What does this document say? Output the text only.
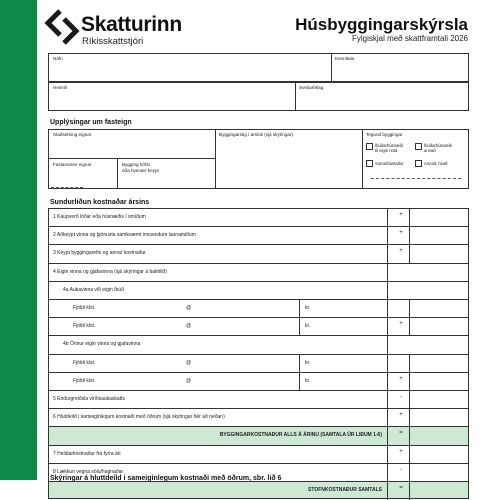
Skatturinn
Ríkisskattstjóri
Húsbyggingarskýrsla
Fylgiskjal með skattframtali 2026
Nafn	Kennitala
Heimili	Sveitarfélag
Upplýsingar um fasteign
Staðsetning eignar	Byggingarstig í árslok (sjá skýringar)
Fastanúmer eignar	Bygging hófst
eða hvenær keypt
Tegund byggingar
Íbúðarhúsnæði
til eigin nota
Íbúðarhúsnæði
annað
Sumarbústaður	Annað, hvað
Sundurliðun kostnaðar ársins
1 Kaupverð lóðar eða húsnæðis í smíðum	+
2 Aðkeypt vinna og þjónusta samkvæmt innsendum launamiðum	+
3 Keypt byggingarefni og annar kostnaður	+
4 Eigin vinna og gjafavinna (sjá skýringar á bakhlið)
4a Aukavinna við eigin íbúð
Fjöldi klst.	@	kr.
Fjöldi klst.	@	kr.	+
4b Önnur eigin vinna og gjafavinna
Fjöldi klst.	@	kr.
Fjöldi klst.	@	kr.	+
5 Endurgreiðsla virðisaukaskatts	-
6 Hlutdeild í sameiginlegum kostnaði með öðrum (sjá skýringar hér að neðan)	+
BYGGINGARKOSTNAÐUR ALLS Á ÁRINU (SAMTALA ÚR LIÐUM 1-6)	=
7 Heildarkostnaður frá fyrra ári	+
8 Lækkun vegna sölu/hagnaðar	-
STOFNKOSTNAÐUR SAMTALS	=
Skýringar á hluttdeild í sameiginlegum kostnaði með öðrum, sbr. lið 6
